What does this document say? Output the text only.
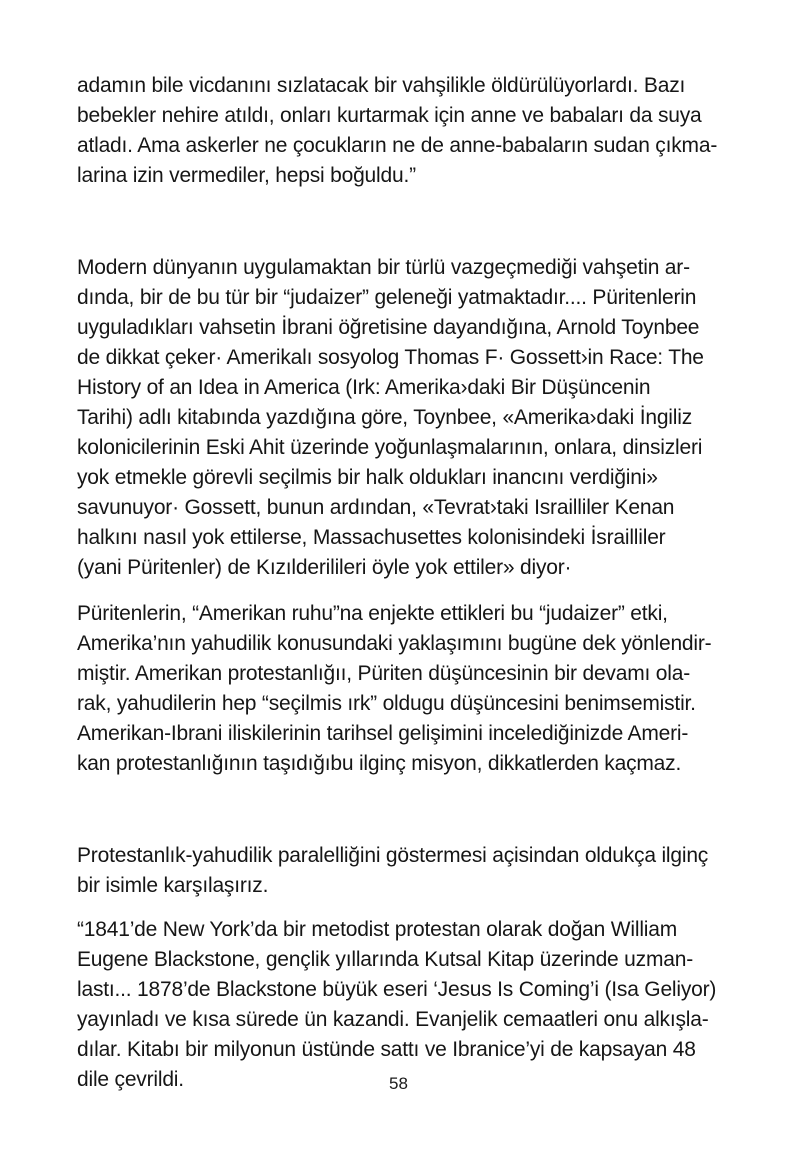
adamın bile vicdanını sızlatacak bir vahşilikle öldürülüyorlardı. Bazı
bebekler nehire atıldı, onları kurtarmak için anne ve babaları da suya
atladı. Ama askerler ne çocukların ne de anne-babaların sudan çıkma-
larina izin vermediler, hepsi boğuldu.”
Modern dünyanın uygulamaktan bir türlü vazgeçmediği vahşetin ar-
dında, bir de bu tür bir “judaizer” geleneği yatmaktadır.... Püritenlerin
uyguladıkları vahsetin İbrani öğretisine dayandığına, Arnold Toynbee
de dikkat çeker· Amerikalı sosyolog Thomas F· Gossett›in Race: The
History of an Idea in America (Irk: Amerika›daki Bir Düşüncenin
Tarihi) adlı kitabında yazdığına göre, Toynbee, «Amerika›daki İngiliz
kolonicilerinin Eski Ahit üzerinde yoğunlaşmalarının, onlara, dinsizleri
yok etmekle görevli seçilmis bir halk oldukları inancını verdiğini»
savunuyor· Gossett, bunun ardından, «Tevrat›taki Israilliler Kenan
halkını nasıl yok ettilerse, Massachusettes kolonisindeki İsrailliler
(yani Püritenler) de Kızılderilileri öyle yok ettiler» diyor·
Püritenlerin, “Amerikan ruhu”na enjekte ettikleri bu “judaizer” etki,
Amerika’nın yahudilik konusundaki yaklaşımını bugüne dek yönlendir-
miştir. Amerikan protestanlığıı, Püriten düşüncesinin bir devamı ola-
rak, yahudilerin hep “seçilmis ırk” oldugu düşüncesini benimsemistir.
Amerikan-Ibrani iliskilerinin tarihsel gelişimini incelediğinizde Ameri-
kan protestanlığının taşıdığıbu ilginç misyon, dikkatlerden kaçmaz.
Protestanlık-yahudilik paralelliğini göstermesi açisindan oldukça ilginç
bir isimle karşılaşırız.
“1841’de New York’da bir metodist protestan olarak doğan William
Eugene Blackstone, gençlik yıllarında Kutsal Kitap üzerinde uzman-
lastı... 1878’de Blackstone büyük eseri ‘Jesus Is Coming’i (Isa Geliyor)
yayınladı ve kısa sürede ün kazandi. Evanjelik cemaatleri onu alkışla-
dılar. Kitabı bir milyonun üstünde sattı ve Ibranice’yi de kapsayan 48
dile çevrildi.	58
